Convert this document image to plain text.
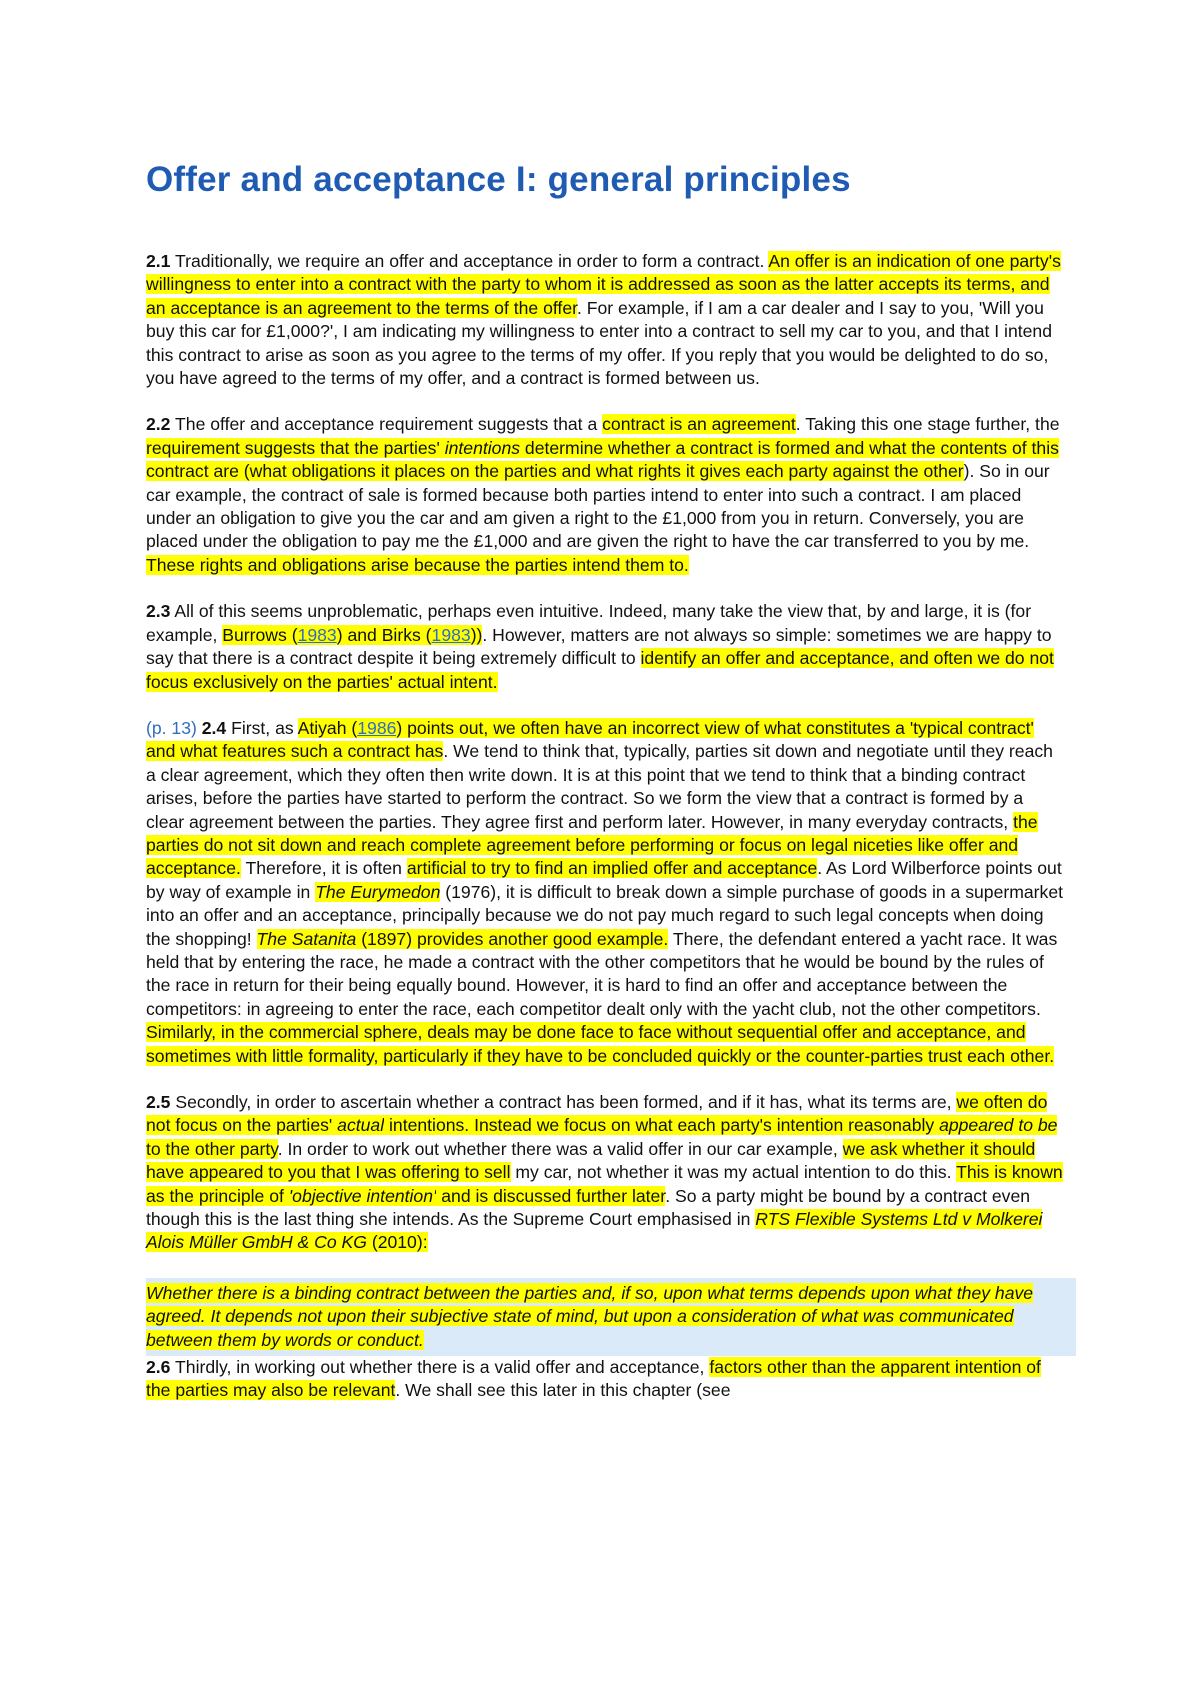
Offer and acceptance I: general principles

2.1 Traditionally, we require an offer and acceptance in order to form a contract. An offer is an indication of one party's willingness to enter into a contract with the party to whom it is addressed as soon as the latter accepts its terms, and an acceptance is an agreement to the terms of the offer. For example, if I am a car dealer and I say to you, 'Will you buy this car for £1,000?', I am indicating my willingness to enter into a contract to sell my car to you, and that I intend this contract to arise as soon as you agree to the terms of my offer. If you reply that you would be delighted to do so, you have agreed to the terms of my offer, and a contract is formed between us.

2.2 The offer and acceptance requirement suggests that a contract is an agreement. Taking this one stage further, the requirement suggests that the parties' intentions determine whether a contract is formed and what the contents of this contract are (what obligations it places on the parties and what rights it gives each party against the other). So in our car example, the contract of sale is formed because both parties intend to enter into such a contract. I am placed under an obligation to give you the car and am given a right to the £1,000 from you in return. Conversely, you are placed under the obligation to pay me the £1,000 and are given the right to have the car transferred to you by me. These rights and obligations arise because the parties intend them to.

2.3 All of this seems unproblematic, perhaps even intuitive. Indeed, many take the view that, by and large, it is (for example, Burrows (1983) and Birks (1983)). However, matters are not always so simple: sometimes we are happy to say that there is a contract despite it being extremely difficult to identify an offer and acceptance, and often we do not focus exclusively on the parties' actual intent.

(p. 13) 2.4 First, as Atiyah (1986) points out, we often have an incorrect view of what constitutes a 'typical contract' and what features such a contract has. We tend to think that, typically, parties sit down and negotiate until they reach a clear agreement, which they often then write down. It is at this point that we tend to think that a binding contract arises, before the parties have started to perform the contract. So we form the view that a contract is formed by a clear agreement between the parties. They agree first and perform later. However, in many everyday contracts, the parties do not sit down and reach complete agreement before performing or focus on legal niceties like offer and acceptance. Therefore, it is often artificial to try to find an implied offer and acceptance. As Lord Wilberforce points out by way of example in The Eurymedon (1976), it is difficult to break down a simple purchase of goods in a supermarket into an offer and an acceptance, principally because we do not pay much regard to such legal concepts when doing the shopping! The Satanita (1897) provides another good example. There, the defendant entered a yacht race. It was held that by entering the race, he made a contract with the other competitors that he would be bound by the rules of the race in return for their being equally bound. However, it is hard to find an offer and acceptance between the competitors: in agreeing to enter the race, each competitor dealt only with the yacht club, not the other competitors. Similarly, in the commercial sphere, deals may be done face to face without sequential offer and acceptance, and sometimes with little formality, particularly if they have to be concluded quickly or the counter-parties trust each other.

2.5 Secondly, in order to ascertain whether a contract has been formed, and if it has, what its terms are, we often do not focus on the parties' actual intentions. Instead we focus on what each party's intention reasonably appeared to be to the other party. In order to work out whether there was a valid offer in our car example, we ask whether it should have appeared to you that I was offering to sell my car, not whether it was my actual intention to do this. This is known as the principle of 'objective intention' and is discussed further later. So a party might be bound by a contract even though this is the last thing she intends. As the Supreme Court emphasised in RTS Flexible Systems Ltd v Molkerei Alois Müller GmbH & Co KG (2010):

Whether there is a binding contract between the parties and, if so, upon what terms depends upon what they have agreed. It depends not upon their subjective state of mind, but upon a consideration of what was communicated between them by words or conduct.

2.6 Thirdly, in working out whether there is a valid offer and acceptance, factors other than the apparent intention of the parties may also be relevant. We shall see this later in this chapter (see
